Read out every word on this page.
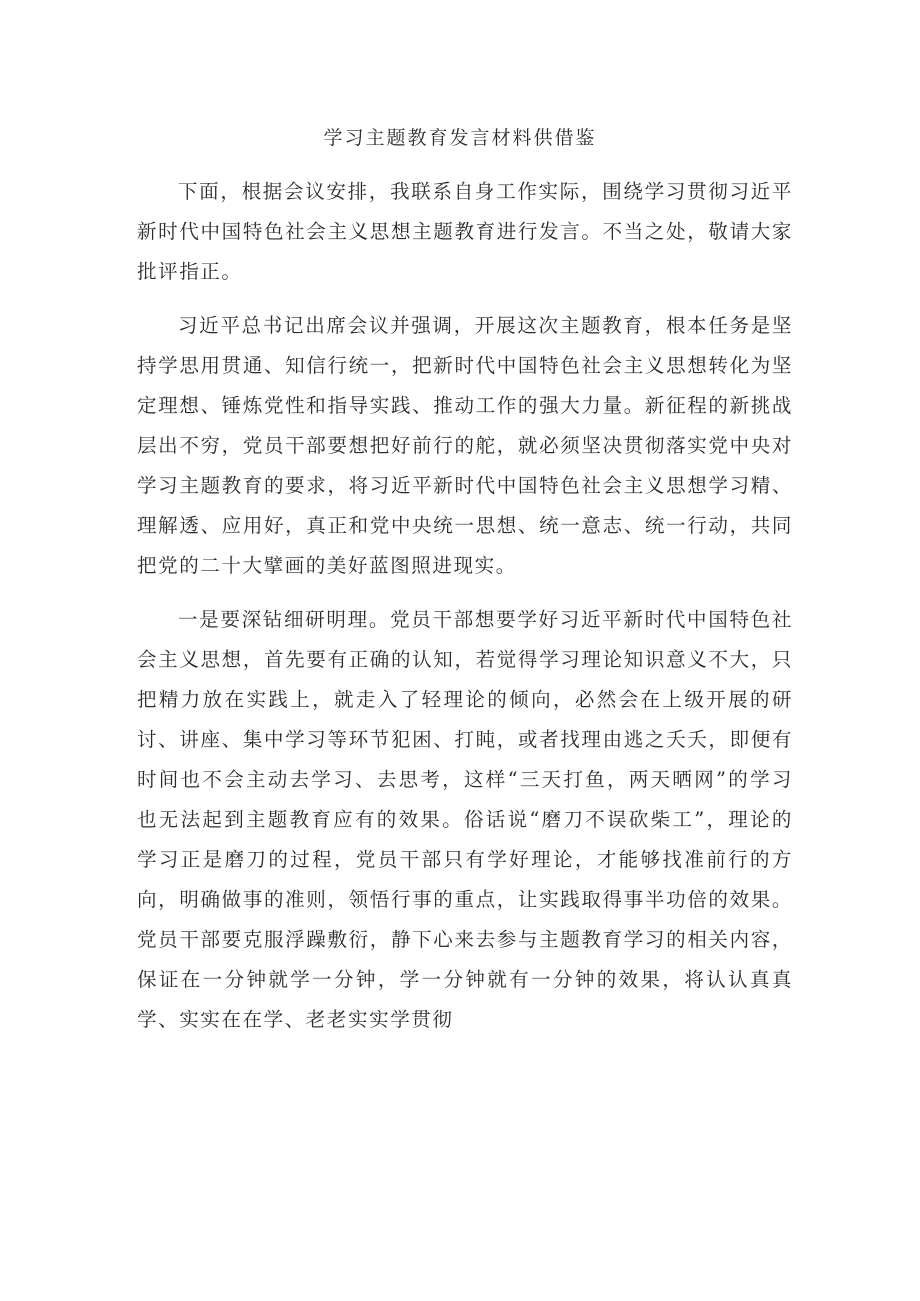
学习主题教育发言材料供借鉴

下面，根据会议安排，我联系自身工作实际，围绕学习贯彻习近平新时代中国特色社会主义思想主题教育进行发言。不当之处，敬请大家批评指正。

习近平总书记出席会议并强调，开展这次主题教育，根本任务是坚持学思用贯通、知信行统一，把新时代中国特色社会主义思想转化为坚定理想、锤炼党性和指导实践、推动工作的强大力量。新征程的新挑战层出不穷，党员干部要想把好前行的舵，就必须坚决贯彻落实党中央对学习主题教育的要求，将习近平新时代中国特色社会主义思想学习精、理解透、应用好，真正和党中央统一思想、统一意志、统一行动，共同把党的二十大擘画的美好蓝图照进现实。

一是要深钻细研明理。党员干部想要学好习近平新时代中国特色社会主义思想，首先要有正确的认知，若觉得学习理论知识意义不大，只把精力放在实践上，就走入了轻理论的倾向，必然会在上级开展的研讨、讲座、集中学习等环节犯困、打盹，或者找理由逃之夭夭，即便有时间也不会主动去学习、去思考，这样“三天打鱼，两天晒网”的学习也无法起到主题教育应有的效果。俗话说“磨刀不误砍柴工”，理论的学习正是磨刀的过程，党员干部只有学好理论，才能够找准前行的方向，明确做事的准则，领悟行事的重点，让实践取得事半功倍的效果。党员干部要克服浮躁敷衍，静下心来去参与主题教育学习的相关内容，保证在一分钟就学一分钟，学一分钟就有一分钟的效果，将认认真真学、实实在在学、老老实实学贯彻
